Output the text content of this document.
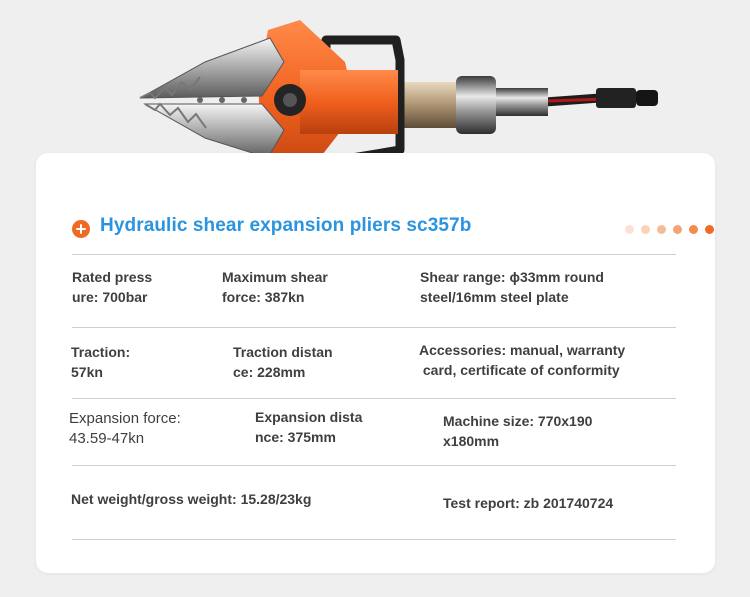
Hydraulic shear expansion pliers sc357b

Rated press
ure: 700bar

Maximum shear
force: 387kn

Shear range: ϕ33mm round
steel/16mm steel plate

Traction:
57kn

Traction distan
ce: 228mm

Accessories: manual, warranty
card, certificate of conformity

Expansion force:
43.59-47kn

Expansion dista
nce: 375mm

Machine size: 770x190
x180mm

Net weight/gross weight: 15.28/23kg	Test report: zb 201740724
